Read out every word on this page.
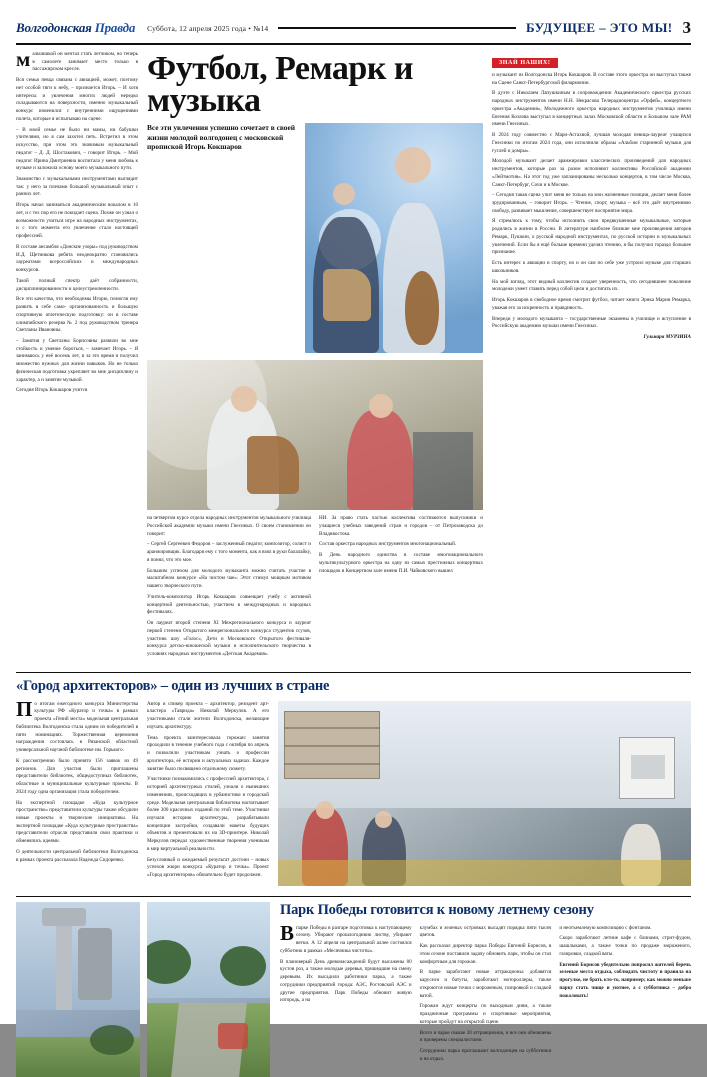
Волгодонская Правда Суббота, 12 апреля 2025 года • №14	БУДУЩЕЕ – ЭТО МЫ! 3

мальчишкой он мечтал стать летчиком, но теперь в самолете занимает место только в пассажирском кресле.

Вся семья певца связана с авиацией, может, поэтому нет особой тяги к небу, – признается Игорь. – И хотя интересы и увлечения многих людей нередко складываются на поверхности, именно музыкальный конкурс изменился с внутренними ощущениями полета, которые я испытываю на сцене.

– В моей семье не было ни мамы, ни бабушки учителями, но я сам захотел петь. Встретил в этом искусство, при этом это значимым музыкальный педагог – Д. Д. Шостакович, – говорит Игорь. – Мой педагог Ирина Дмитриевна воспитала у меня любовь к музыке и заложила основу моего музыкального пути.

Знакомство с музыкальными инструментами выглядит так: у него за плечами большой музыкальный опыт с ранних лет.

Игорь начал заниматься академическим вокалом в 10 лет, и с тех пор его не покидает сцена. Позже он узнал о возможности учиться игре на народных инструментах, и с того момента его увлечение стало настоящей профессией.

В составе ансамбля «Донские узоры» под руководством И.Д. Щетникова ребята неоднократно становились лауреатами всероссийских и международных конкурсов.

Такой полный спектр даёт собранности, дисциплинированности и целеустремленности.

Все эти качества, что необходимы Игорю, помогли ему развить в себе само- организованность и большую спортивную атлетическую подготовку: он в составе олимпийского резерва № 2 под руководством тренера Светланы Ивановны.

– Занятия у Светланы Борисовны развили во мне стойкость и умение бороться, – замечает Игорь. – Я занимаюсь у неё восемь лет, и за это время я получил множество нужных для жизни навыков. Но не только физическая подготовка укрепляет во мне дисциплину и характер, а и занятие музыкой.

Сегодня Игорь Кокшаров учится

Футбол, Ремарк и музыка
Все эти увлечения успешно сочетает в своей жизни молодой волгодонец с московской пропиской Игорь Кокшаров

на четвертом курсе отдела народных инструментов музыкального училища Российской академии музыки имени Гнесиных. О своем становлении он говорит:

– Сергей Сергеевич Федоров – заслуженный педагог, композитор, солист и аранжировщик. Благодаря ему с того момента, как я взял в руки балалайку, я понял, что это мое.

Большим успехом для молодого музыканта можно считать участие в масштабном конкурсе «На чистом чае». Этот стимул мощным мотивом нашего творческого пути.

Учитель-композитор Игорь Кокшаров совмещает учебу с активной концертной деятельностью, участием в международных и народных фестивалях.

Он лауреат второй степени XI Межрегионального конкурса и лауреат первой степени Открытого межрегионального конкурса студентов ссузов, участник шоу «Голос», Дети и Московского Открытого фестиваля-конкурса детско-юношеской музыки и исполнительского творчества в условиях народных инструментов «Детская Академия».

НИ. За право стать частью коллектива состязаются выпускники и учащиеся учебных заведений стран и городов – от Петрозаводска до Владивостока.

Состав оркестра народных инструментов многонациональный.

В День народного единства в составе многонационального мультикультурного оркестра на одну из самых престижных концертных площадок в Концертном зале имени П.И. Чайковского вышел

ЗНАЙ НАШИХ!

и музыкант из Волгодонска Игорь Кокшаров. В составе этого оркестра он выступал также на Сцене Санкт-Петербургской филармонии.

В дуэте с Николаем Лапушкиным в сопровождении Академического оркестра русских народных инструментов имени Н.Н. Некрасова Телерадиоцентра «Орфей», концертного оркестра «Академия», Молодежного оркестра народных инструментов училища имени Евгения Козлова выступал в концертных залах Московской области и Большом зале РАМ имени Гнесиных.

В 2024 году совместно с Мари-Астахвой, лучшая молодая певица-лауреат учащихся Гнесинки по итогам 2024 года, они исполнили образы «Альбом старинной музыки для гуслей и домры».

Молодой музыкант делает аранжировки классических произведений для народных инструментов, которые раз за разом исполняют коллективы Российской академии «Лейтмотив». На этот год уже запланированы несколько концертов, в том числе Москва, Санкт-Петербург, Сочи и в Москве.

– Сегодня такая сцена учит меня не только на мои жизненные позиции, делает меня более эрудированным, – говорит Игорь. – Чтение, спорт, музыка – всё это даёт внутреннюю свободу, развивает мышление, совершенствует восприятие мира.

Я стремлюсь к тому, чтобы исполнить свои предвкушенные музыкальные, которые родились в жизни в России. В литературе наиболее близкие мне произведения авторов Ремарк, Пушкин, о русской народной инструментах, по русской истории и музыкальных увлечений. Если бы я ещё больше времени уделял чтению, я бы получил гораздо большее признание.

Есть интерес к авиации и спорту, но и он сам по себе уже устроил музыке для старших школьников.

На мой взгляд, этот видный коллектив создает уверенность, что сегодняшнее поколение молодежи умеет ставить перед собой цели и достигать их.

Игорь Кокшаров в свободное время смотрит футбол, читает книги Эрика Марии Ремарка, уважая его за искренность и правдивость.

Впереди у молодого музыканта – государственные экзамены в училище и вступление в Российскую академию музыки имени Гнесиных.

Гульнара МУРЗИНА
«Город архитекторов» – один из лучших в стране

По итогам ежегодного конкурса Министерства культуры РФ «Куратор и точка» в рамках проекта «Гений места» модельная центральная библиотека Волгодонска стала одним из победителей в пяти номинациях. Торжественная церемония награждения состоялась в Рязанской областной универсальной научной библиотеке им. Горького.

К рассмотрению было принято 156 заявок из 49 регионов. Для участия были приглашены представители библиотек, общедоступных библиотек, областные и муниципальные культурные проекты. В 2024 году одна организация стала победителем.

На экспертной площадке «Куда культурное пространство» представители культуры также обсудили новые проекты и творческие инициативы. На экспертной площадке «Куда культурные пространства» представители отрасли представили свои практики и обменялись идеями.

О деятельности центральной библиотеки Волгодонска в рамках проекта рассказала Надежда Сидоренко.

Автор и спикер проекта – архитектор, резидент арт-кластера «Таврида» Николай Меркулов. А его участниками стали жители Волгодонска, желающие изучать архитектуру.

Тема проекта заинтересовала горожан: занятия проходили в течение учебного года с октября по апрель и позволили участникам узнать о профессии архитектора, её истории и актуальных задачах. Каждое занятие было посвящено отдельному сюжету.

Участники познакомились с профессией архитектора, с историей архитектурных стилей, узнали о нынешних изменениях, происходящих в урбанистике и городской среде. Модельная центральная библиотека насчитывает более 300 красочных изданий по этой теме. Участники изучали историю архитектуры, разрабатывали концепции застройки, создавали макеты будущих объектов и презентовали их на 3D-принтере. Николай Меркулов передал художественные творения ученикам в мир виртуальной реальности.

Безусловный и ожидаемый результат достоин – новых успехов жюри конкурса «Куратор и точка». Проект «Город архитекторов» обязательно будет продолжен.

Парк Победы готовится к новому летнему сезону

Впарке Победы в разгаре подготовка к наступающему сезону. Убирают прошлогоднюю листву, убирают ветки. А 12 апреля на центральной аллее состоялся субботник в рамках «Месячника чистоты».

В плановерый День древонасаждений будут высажены 80 кустов роз, а также молодые деревья, пришедшие на смену деревьям. Их высадили работники парка, а также сотрудники предприятий города: АЭС, Ростовской АЭС и другие предприятия. Парк Победы обновит живую изгородь, а на

клумбах и зеленых островках высадят порядка пяти тысяч цветов.

Как рассказал директор парка Победы Евгений Борисов, в этом сезоне поставили задачу обновить парк, чтобы он стал комфортным для горожан.

В парке заработают новые аттракционы: добавятся карусели и батуты, заработают мотороллеры, также откроются новые точки с мороженым, газировкой и сладкой ватой.

Горожан ждут концерты по выходным дням, а также праздничные программы и спортивные мероприятия, которые пройдут на открытой сцене.

Всего в парке свыше 20 аттракционов, и все они обновлены и проверены специалистами.

Сотрудники парка приглашают волгодонцев на субботники и на отдых.

и неотъемлемую композицию с фонтаном.

Скоро заработают летние кафе с блинами, стрит-фудом, шашлыками, а также точки по продаже мороженого, газировки, сладкой ваты.

Евгений Борисов убедительно попросил жителей беречь зеленые места отдыха, соблюдать чистоту и правила на прогулке, не брать кто-то, например; как можно меньше парку стать чище и уютнее, а с субботника – добро пожаловать!
